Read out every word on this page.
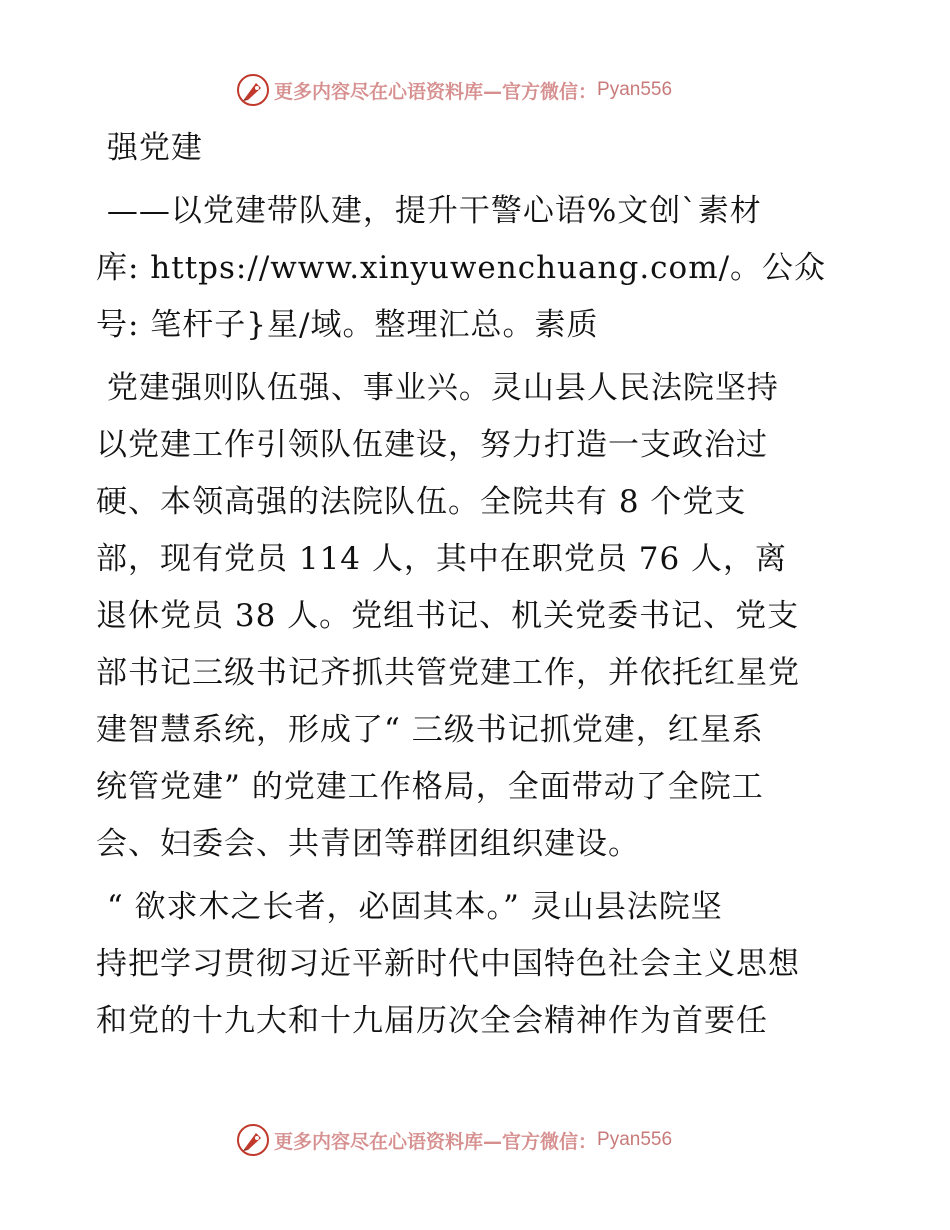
更多内容尽在心语资料库—官方微信： Pyan556
强党建
——以党建带队建，提升干警心语%文创`素材
库: https://www.xinyuwenchuang.com/。公众
号: 笔杆子}星/域。整理汇总。素质
党建强则队伍强、事业兴。灵山县人民法院坚持
以党建工作引领队伍建设，努力打造一支政治过
硬、本领高强的法院队伍。全院共有 8 个党支
部，现有党员 114 人，其中在职党员 76 人，离
退休党员 38 人。党组书记、机关党委书记、党支
部书记三级书记齐抓共管党建工作，并依托红星党
建智慧系统，形成了“ 三级书记抓党建，红星系
统管党建” 的党建工作格局，全面带动了全院工
会、妇委会、共青团等群团组织建设。
“ 欲求木之长者，必固其本。” 灵山县法院坚
持把学习贯彻习近平新时代中国特色社会主义思想
和党的十九大和十九届历次全会精神作为首要任
更多内容尽在心语资料库—官方微信： Pyan556
